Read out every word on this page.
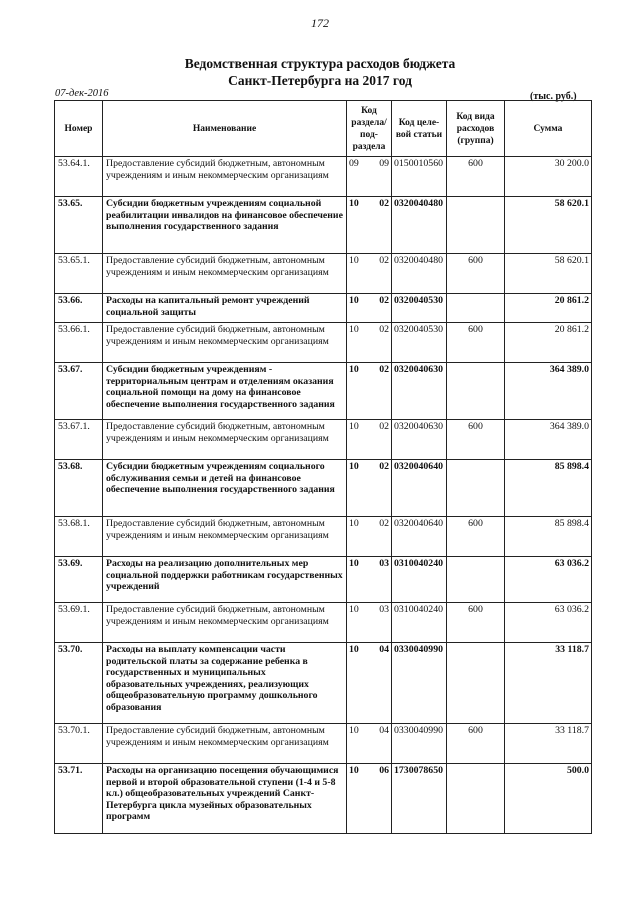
172
Ведомственная структура расходов бюджета
Санкт-Петербурга на 2017 год
07-дек-2016	(тыс. руб.)
Номер	Наименование	Код раздела/ под- раздела	Код целе- вой статьи	Код вида расходов (группа)	Сумма
53.64.1.	Предоставление субсидий бюджетным, автономным учреждениям и иным некоммерческим организациям	09 09	0150010560	600	30 200.0
53.65.	Субсидии бюджетным учреждениям социальной реабилитации инвалидов на финансовое обеспечение выполнения государственного задания	10 02	0320040480		58 620.1
53.65.1.	Предоставление субсидий бюджетным, автономным учреждениям и иным некоммерческим организациям	10 02	0320040480	600	58 620.1
53.66.	Расходы на капитальный ремонт учреждений социальной защиты	10 02	0320040530		20 861.2
53.66.1.	Предоставление субсидий бюджетным, автономным учреждениям и иным некоммерческим организациям	10 02	0320040530	600	20 861.2
53.67.	Субсидии бюджетным учреждениям - территориальным центрам и отделениям оказания социальной помощи на дому на финансовое обеспечение выполнения государственного задания	10 02	0320040630		364 389.0
53.67.1.	Предоставление субсидий бюджетным, автономным учреждениям и иным некоммерческим организациям	10 02	0320040630	600	364 389.0
53.68.	Субсидии бюджетным учреждениям социального обслуживания семьи и детей на финансовое обеспечение выполнения государственного задания	10 02	0320040640		85 898.4
53.68.1.	Предоставление субсидий бюджетным, автономным учреждениям и иным некоммерческим организациям	10 02	0320040640	600	85 898.4
53.69.	Расходы на реализацию дополнительных мер социальной поддержки работникам государственных учреждений	10 03	0310040240		63 036.2
53.69.1.	Предоставление субсидий бюджетным, автономным учреждениям и иным некоммерческим организациям	10 03	0310040240	600	63 036.2
53.70.	Расходы на выплату компенсации части родительской платы за содержание ребенка в государственных и муниципальных образовательных учреждениях, реализующих общеобразовательную программу дошкольного образования	10 04	0330040990		33 118.7
53.70.1.	Предоставление субсидий бюджетным, автономным учреждениям и иным некоммерческим организациям	10 04	0330040990	600	33 118.7
53.71.	Расходы на организацию посещения обучающимися первой и второй образовательной ступени (1-4 и 5-8 кл.) общеобразовательных учреждений Санкт-Петербурга цикла музейных образовательных программ	10 06	1730078650		500.0
